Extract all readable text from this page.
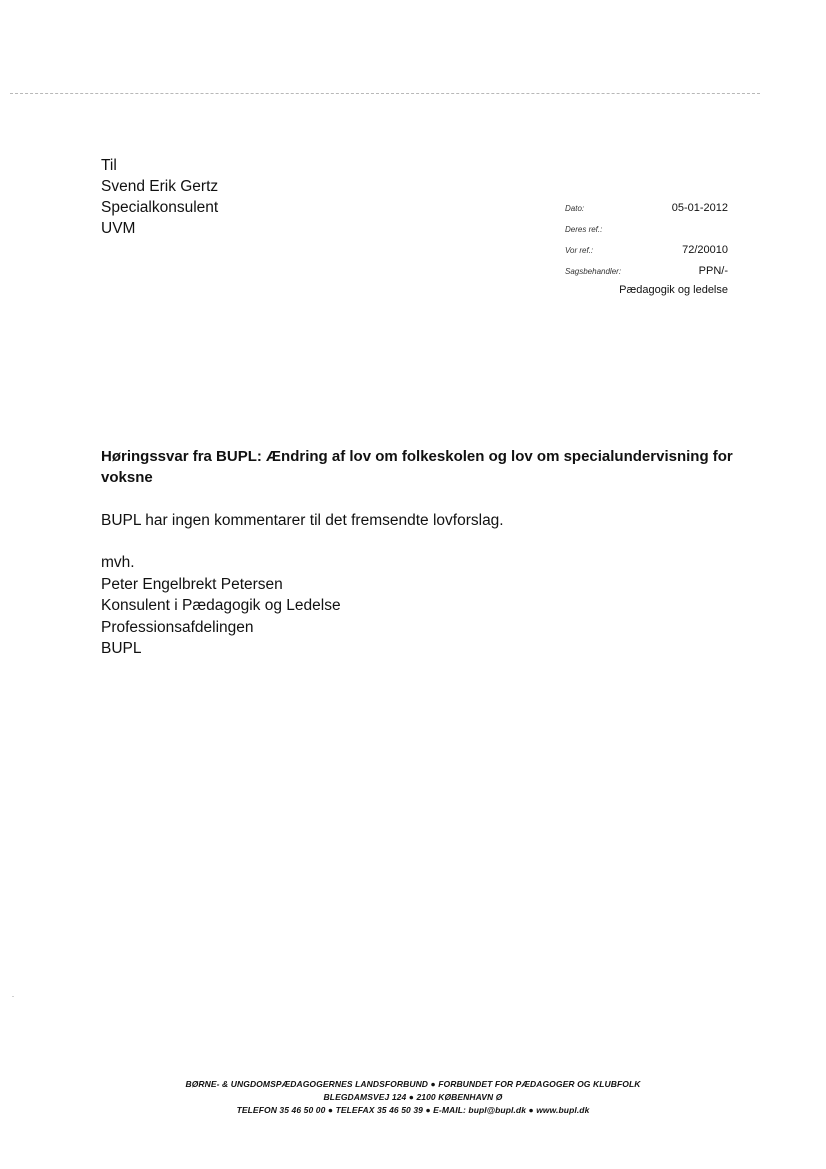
Til
Svend Erik Gertz
Specialkonsulent
UVM
Dato:	05-01-2012
Deres ref.:
Vor ref.:	72/20010
Sagsbehandler:	PPN/-
Pædagogik og ledelse
Høringssvar fra BUPL: Ændring af lov om folkeskolen og lov om specialundervisning for voksne
BUPL har ingen kommentarer til det fremsendte lovforslag.
mvh.
Peter Engelbrekt Petersen
Konsulent i Pædagogik og Ledelse
Professionsafdelingen
BUPL
BØRNE- & UNGDOMSPÆDAGOGERNES LANDSFORBUND ● FORBUNDET FOR PÆDAGOGER OG KLUBFOLK
BLEGDAMSVEJ 124 ● 2100 KØBENHAVN Ø
TELEFON 35 46 50 00 ● TELEFAX 35 46 50 39 ● E-MAIL: bupl@bupl.dk ● www.bupl.dk
